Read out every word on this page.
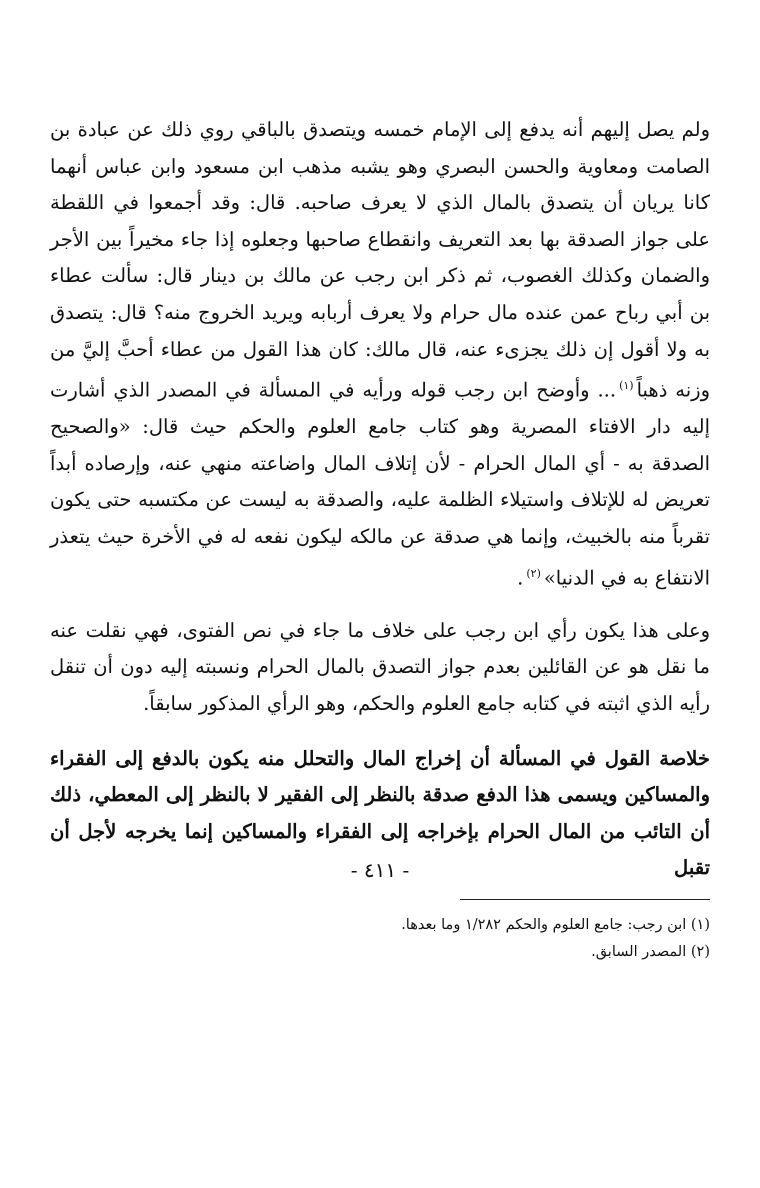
ولم يصل إليهم أنه يدفع إلى الإمام خمسه ويتصدق بالباقي روي ذلك عن عبادة بن الصامت ومعاوية والحسن البصري وهو يشبه مذهب ابن مسعود وابن عباس أنهما كانا يريان أن يتصدق بالمال الذي لا يعرف صاحبه. قال: وقد أجمعوا في اللقطة على جواز الصدقة بها بعد التعريف وانقطاع صاحبها وجعلوه إذا جاء مخيراً بين الأجر والضمان وكذلك الغصوب، ثم ذكر ابن رجب عن مالك بن دينار قال: سألت عطاء بن أبي رباح عمن عنده مال حرام ولا يعرف أربابه ويريد الخروج منه؟ قال: يتصدق به ولا أقول إن ذلك يجزىء عنه، قال مالك: كان هذا القول من عطاء أحبَّ إليَّ من وزنه ذهباً$^{(١)}$... وأوضح ابن رجب قوله ورأيه في المسألة في المصدر الذي أشارت إليه دار الافتاء المصرية وهو كتاب جامع العلوم والحكم حيث قال: «والصحيح الصدقة به - أي المال الحرام - لأن إتلاف المال واضاعته منهي عنه، وإرصاده أبداً تعريض له للإتلاف واستيلاء الظلمة عليه، والصدقة به ليست عن مكتسبه حتى يكون تقرباً منه بالخبيث، وإنما هي صدقة عن مالكه ليكون نفعه له في الأخرة حيث يتعذر الانتفاع به في الدنيا»$^{(٢)}$.

وعلى هذا يكون رأي ابن رجب على خلاف ما جاء في نص الفتوى، فهي نقلت عنه ما نقل هو عن القائلين بعدم جواز التصدق بالمال الحرام ونسبته إليه دون أن تنقل رأيه الذي اثبته في كتابه جامع العلوم والحكم، وهو الرأي المذكور سابقاً.

خلاصة القول في المسألة أن إخراج المال والتحلل منه يكون بالدفع إلى الفقراء والمساكين ويسمى هذا الدفع صدقة بالنظر إلى الفقير لا بالنظر إلى المعطي، ذلك أن التائب من المال الحرام بإخراجه إلى الفقراء والمساكين إنما يخرجه لأجل أن تقبل

(١) ابن رجب: جامع العلوم والحكم ١/٢٨٢ وما بعدها.

(٢) المصدر السابق.

- ٤١١ -
